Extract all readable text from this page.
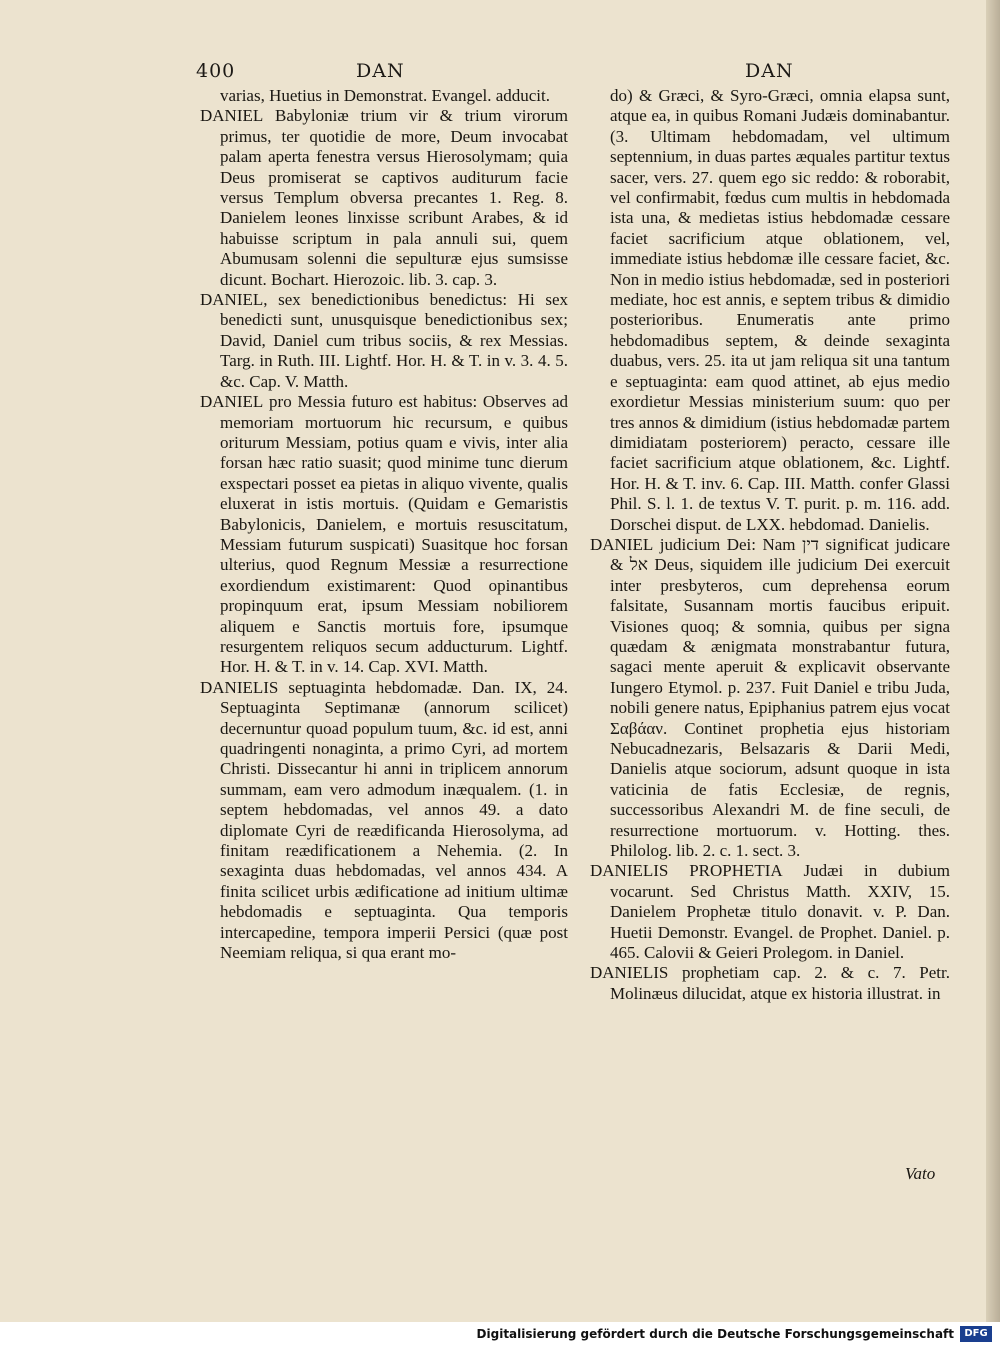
400	DAN	DAN

varias, Huetius in Demonstrat. Evangel. adducit.

DANIEL Babyloniæ trium vir & trium virorum primus, ter quotidie de more, Deum invocabat palam aperta fenestra versus Hierosolymam; quia Deus promiserat se captivos auditurum facie versus Templum obversa precantes 1. Reg. 8. Danielem leones linxisse scribunt Arabes, & id habuisse scriptum in pala annuli sui, quem Abumusam solenni die sepulturæ ejus sumsisse dicunt. Bochart. Hierozoic. lib. 3. cap. 3.

DANIEL, sex benedictionibus benedictus: Hi sex benedicti sunt, unusquisque benedictionibus sex; David, Daniel cum tribus sociis, & rex Messias. Targ. in Ruth. III. Lightf. Hor. H. & T. in v. 3. 4. 5. &c. Cap. V. Matth.

DANIEL pro Messia futuro est habitus: Observes ad memoriam mortuorum hic recursum, e quibus oriturum Messiam, potius quam e vivis, inter alia forsan hæc ratio suasit; quod minime tunc dierum exspectari posset ea pietas in aliquo vivente, qualis eluxerat in istis mortuis. (Quidam e Gemaristis Babylonicis, Danielem, e mortuis resuscitatum, Messiam futurum suspicati) Suasitque hoc forsan ulterius, quod Regnum Messiæ a resurrectione exordiendum existimarent: Quod opinantibus propinquum erat, ipsum Messiam nobiliorem aliquem e Sanctis mortuis fore, ipsumque resurgentem reliquos secum adducturum. Lightf. Hor. H. & T. in v. 14. Cap. XVI. Matth.

DANIELIS septuaginta hebdomadæ. Dan. IX, 24. Septuaginta Septimanæ (annorum scilicet) decernuntur quoad populum tuum, &c. id est, anni quadringenti nonaginta, a primo Cyri, ad mortem Christi. Dissecantur hi anni in triplicem annorum summam, eam vero admodum inæqualem. (1. in septem hebdomadas, vel annos 49. a dato diplomate Cyri de reædificanda Hierosolyma, ad finitam reædificationem a Nehemia. (2. In sexaginta duas hebdomadas, vel annos 434. A finita scilicet urbis ædificatione ad initium ultimæ hebdomadis e septuaginta. Qua temporis intercapedine, tempora imperii Persici (quæ post Neemiam reliqua, si qua erant mo-

do) & Græci, & Syro-Græci, omnia elapsa sunt, atque ea, in quibus Romani Judæis dominabantur. (3. Ultimam hebdomadam, vel ultimum septennium, in duas partes æquales partitur textus sacer, vers. 27. quem ego sic reddo: & roborabit, vel confirmabit, fœdus cum multis in hebdomada ista una, & medietas istius hebdomadæ cessare faciet sacrificium atque oblationem, vel, immediate istius hebdomæ ille cessare faciet, &c. Non in medio istius hebdomadæ, sed in posteriori mediate, hoc est annis, e septem tribus & dimidio posterioribus. Enumeratis ante primo hebdomadibus septem, & deinde sexaginta duabus, vers. 25. ita ut jam reliqua sit una tantum e septuaginta: eam quod attinet, ab ejus medio exordietur Messias ministerium suum: quo per tres annos & dimidium (istius hebdomadæ partem dimidiatam posteriorem) peracto, cessare ille faciet sacrificium atque oblationem, &c. Lightf. Hor. H. & T. inv. 6. Cap. III. Matth. confer Glassi Phil. S. l. 1. de textus V. T. purit. p. m. 116. add. Dorschei disput. de LXX. hebdomad. Danielis.

DANIEL judicium Dei: Nam דין significat judicare & אל Deus, siquidem ille judicium Dei exercuit inter presbyteros, cum deprehensa eorum falsitate, Susannam mortis faucibus eripuit. Visiones quoq; & somnia, quibus per signa quædam & ænigmata monstrabantur futura, sagaci mente aperuit & explicavit observante Iungero Etymol. p. 237. Fuit Daniel e tribu Juda, nobili genere natus, Epiphanius patrem ejus vocat Σαβάαν. Continet prophetia ejus historiam Nebucadnezaris, Belsazaris & Darii Medi, Danielis atque sociorum, adsunt quoque in ista vaticinia de fatis Ecclesiæ, de regnis, successoribus Alexandri M. de fine seculi, de resurrectione mortuorum. v. Hotting. thes. Philolog. lib. 2. c. 1. sect. 3.

DANIELIS PROPHETIA Judæi in dubium vocarunt. Sed Christus Matth. XXIV, 15. Danielem Prophetæ titulo donavit. v. P. Dan. Huetii Demonstr. Evangel. de Prophet. Daniel. p. 465. Calovii & Geieri Prolegom. in Daniel.

DANIELIS prophetiam cap. 2. & c. 7. Petr. Molinæus dilucidat, atque ex historia illustrat. in

Vato
Digitalisierung gefördert durch die Deutsche Forschungsgemeinschaft	DFG
